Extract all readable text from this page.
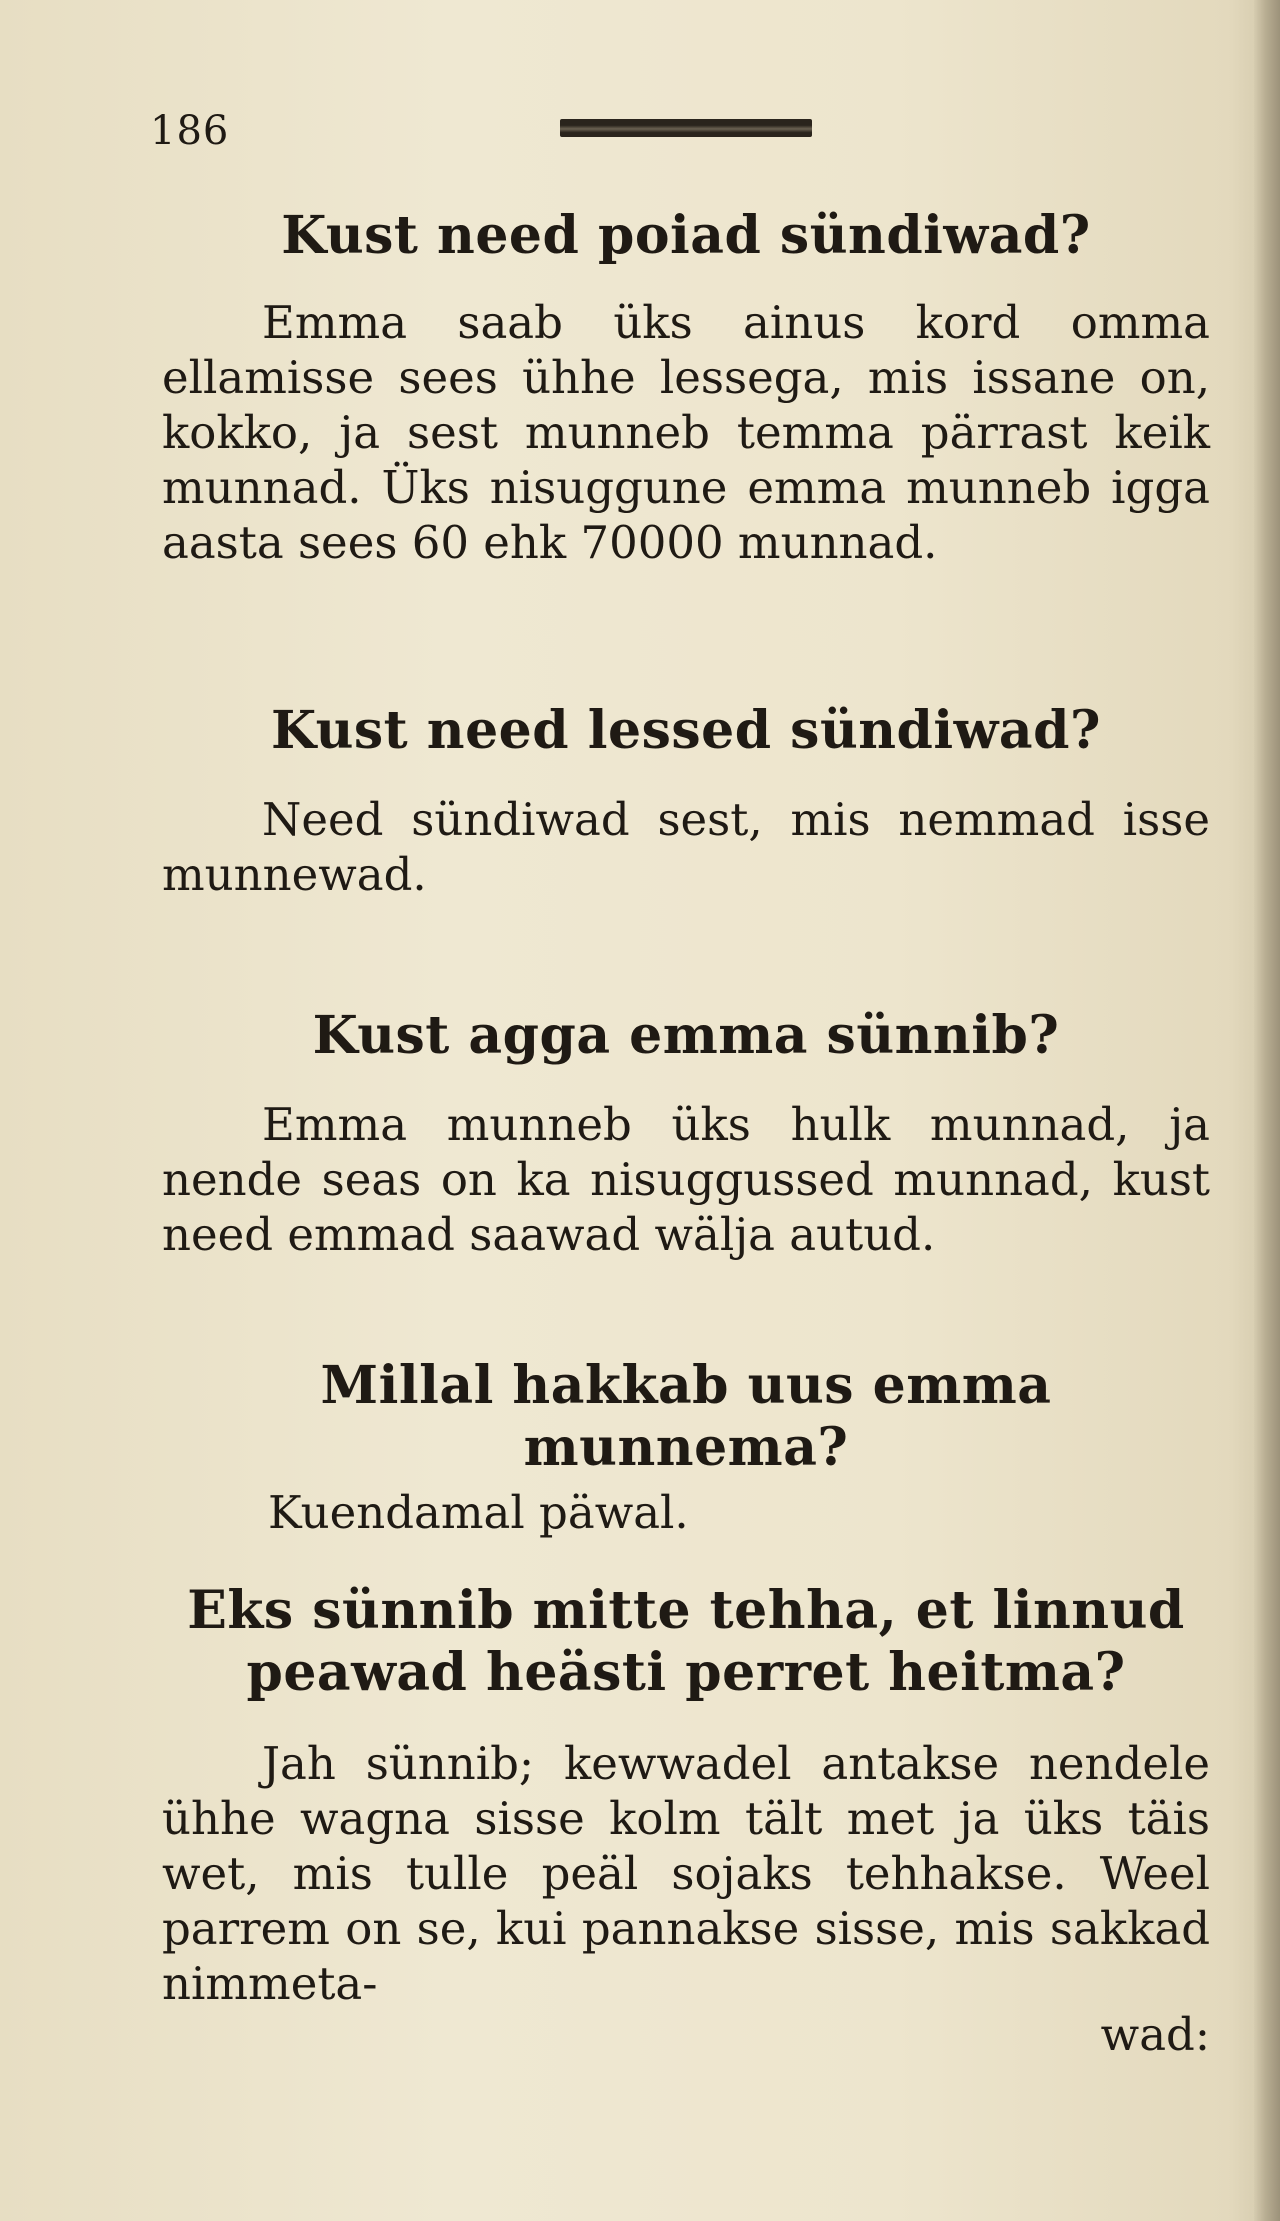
186

Kust need poiad sündiwad?

Emma saab üks ainus kord omma ellamisse sees ühhe lessega, mis issane on, kokko, ja sest munneb temma pärrast keik munnad. Üks nisuggune emma munneb igga aasta sees 60 ehk 70000 munnad.

Kust need lessed sündiwad?

Need sündiwad sest, mis nemmad isse munnewad.

Kust agga emma sünnib?

Emma munneb üks hulk munnad, ja nende seas on ka nisuggussed munnad, kust need emmad saawad wälja autud.

Millal hakkab uus emma munnema?

Kuendamal päwal.

Eks sünnib mitte tehha, et linnud peawad heästi perret heitma?

Jah sünnib; kewwadel antakse nendele ühhe wagna sisse kolm tält met ja üks täis wet, mis tulle peäl sojaks tehhakse. Weel parrem on se, kui pannakse sisse, mis sakkad nimmeta-

wad:
